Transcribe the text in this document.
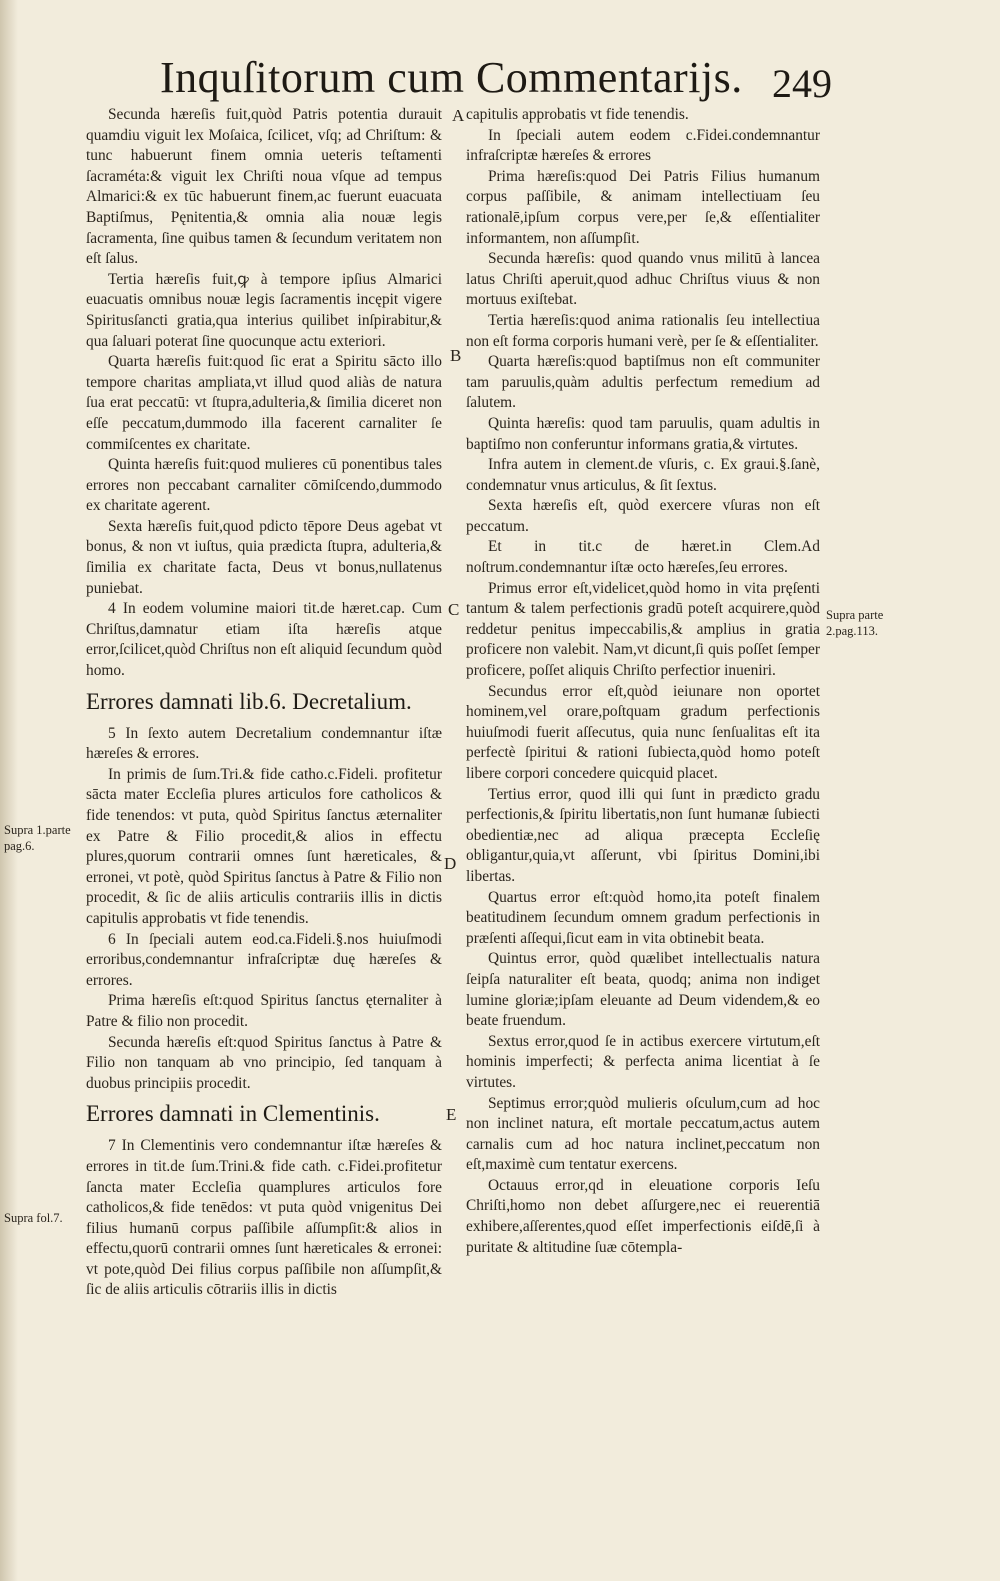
Inquſitorum cum Commentarijs. 249

Secunda hæreſis fuit,quòd Patris potentia durauit quamdiu viguit lex Moſaica, ſcilicet, vſq; ad Chriſtum: & tunc habuerunt finem omnia ueteris teſtamenti ſacraméta:& viguit lex Chriſti noua vſque ad tempus Almarici:& ex tūc habuerunt finem,ac fuerunt euacuata Baptiſmus, Pęnitentia,& omnia alia nouæ legis ſacramenta, ſine quibus tamen & ſecundum veritatem non eſt ſalus.

Tertia hæreſis fuit,ꝙ à tempore ipſius Almarici euacuatis omnibus nouæ legis ſacramentis incępit vigere Spiritusſancti gratia,qua interius quilibet inſpirabitur,& qua ſaluari poterat ſine quocunque actu exteriori.

Quarta hæreſis fuit:quod ſic erat a Spiritu sācto illo tempore charitas ampliata,vt illud quod aliàs de natura ſua erat peccatū: vt ſtupra,adulteria,& ſimilia diceret non eſſe peccatum,dummodo illa facerent carnaliter ſe commiſcentes ex charitate.

Quinta hæreſis fuit:quod mulieres cū ponentibus tales errores non peccabant carnaliter cōmiſcendo,dummodo ex charitate agerent.

Sexta hæreſis fuit,quod pdicto tēpore Deus agebat vt bonus, & non vt iuſtus, quia prædicta ſtupra, adulteria,& ſimilia ex charitate facta, Deus vt bonus,nullatenus puniebat.

4 In eodem volumine maiori tit.de hæret.cap. Cum Chriſtus,damnatur etiam iſta hæreſis atque error,ſcilicet,quòd Chriſtus non eſt aliquid ſecundum quòd homo.

Errores damnati lib.6. Decretalium.

5 In ſexto autem Decretalium condemnantur iſtæ hæreſes & errores.

In primis de ſum.Tri.& fide catho.c.Fideli. profitetur sācta mater Eccleſia plures articulos fore catholicos & fide tenendos: vt puta, quòd Spiritus ſanctus æternaliter ex Patre & Filio procedit,& alios in effectu plures,quorum contrarii omnes ſunt hæreticales, & erronei, vt potè, quòd Spiritus ſanctus à Patre & Filio non procedit, & ſic de aliis articulis contrariis illis in dictis capitulis approbatis vt fide tenendis.

6 In ſpeciali autem eod.ca.Fideli.§.nos huiuſmodi erroribus,condemnantur infraſcriptæ duę hæreſes & errores.

Prima hæreſis eſt:quod Spiritus ſanctus ęternaliter à Patre & filio non procedit.

Secunda hæreſis eſt:quod Spiritus ſanctus à Patre & Filio non tanquam ab vno principio, ſed tanquam à duobus principiis procedit.

Errores damnati in Clementinis.

7 In Clementinis vero condemnantur iſtæ hæreſes & errores in tit.de ſum.Trini.& fide cath. c.Fidei.profitetur ſancta mater Eccleſia quamplures articulos fore catholicos,& fide tenēdos: vt puta quòd vnigenitus Dei filius humanū corpus paſſibile aſſumpſit:& alios in effectu,quorū contrarii omnes ſunt hæreticales & erronei: vt pote,quòd Dei filius corpus paſſibile non aſſumpſit,& ſic de aliis articulis cōtrariis illis in dictis

capitulis approbatis vt fide tenendis.

In ſpeciali autem eodem c.Fidei.condemnantur infraſcriptæ hæreſes & errores

Prima hæreſis:quod Dei Patris Filius humanum corpus paſſibile, & animam intellectiuam ſeu rationalē,ipſum corpus vere,per ſe,& eſſentialiter informantem, non aſſumpſit.

Secunda hæreſis: quod quando vnus militū à lancea latus Chriſti aperuit,quod adhuc Chriſtus viuus & non mortuus exiſtebat.

Tertia hæreſis:quod anima rationalis ſeu intellectiua non eſt forma corporis humani verè, per ſe & eſſentialiter.

Quarta hæreſis:quod baptiſmus non eſt communiter tam paruulis,quàm adultis perfectum remedium ad ſalutem.

Quinta hæreſis: quod tam paruulis, quam adultis in baptiſmo non conferuntur informans gratia,& virtutes.

Infra autem in clement.de vſuris, c. Ex graui.§.ſanè, condemnatur vnus articulus, & ſit ſextus.

Sexta hæreſis eſt, quòd exercere vſuras non eſt peccatum.

Et in tit.c de hæret.in Clem.Ad noſtrum.condemnantur iſtæ octo hæreſes,ſeu errores.

Primus error eſt,videlicet,quòd homo in vita pręſenti tantum & talem perfectionis gradū poteſt acquirere,quòd reddetur penitus impeccabilis,& amplius in gratia proficere non valebit. Nam,vt dicunt,ſi quis poſſet ſemper proficere, poſſet aliquis Chriſto perfectior inueniri.

Secundus error eſt,quòd ieiunare non oportet hominem,vel orare,poſtquam gradum perfectionis huiuſmodi fuerit aſſecutus, quia nunc ſenſualitas eſt ita perfectè ſpiritui & rationi ſubiecta,quòd homo poteſt libere corpori concedere quicquid placet.

Tertius error, quod illi qui ſunt in prædicto gradu perfectionis,& ſpiritu libertatis,non ſunt humanæ ſubiecti obedientiæ,nec ad aliqua præcepta Eccleſię obligantur,quia,vt aſſerunt, vbi ſpiritus Domini,ibi libertas.

Quartus error eſt:quòd homo,ita poteſt finalem beatitudinem ſecundum omnem gradum perfectionis in præſenti aſſequi,ſicut eam in vita obtinebit beata.

Quintus error, quòd quælibet intellectualis natura ſeipſa naturaliter eſt beata, quodq; anima non indiget lumine gloriæ;ipſam eleuante ad Deum videndem,& eo beate fruendum.

Sextus error,quod ſe in actibus exercere virtutum,eſt hominis imperfecti; & perfecta anima licentiat à ſe virtutes.

Septimus error;quòd mulieris oſculum,cum ad hoc non inclinet natura, eſt mortale peccatum,actus autem carnalis cum ad hoc natura inclinet,peccatum non eſt,maximè cum tentatur exercens.

Octauus error,qd in eleuatione corporis Ieſu Chriſti,homo non debet aſſurgere,nec ei reuerentiā exhibere,aſſerentes,quod eſſet imperfectionis eiſdē,ſi à puritate & altitudine ſuæ cōtempla-

A
B
C
D
E
Supra parte 2.pag.113.
Supra 1.parte pag.6.
Supra fol.7.
